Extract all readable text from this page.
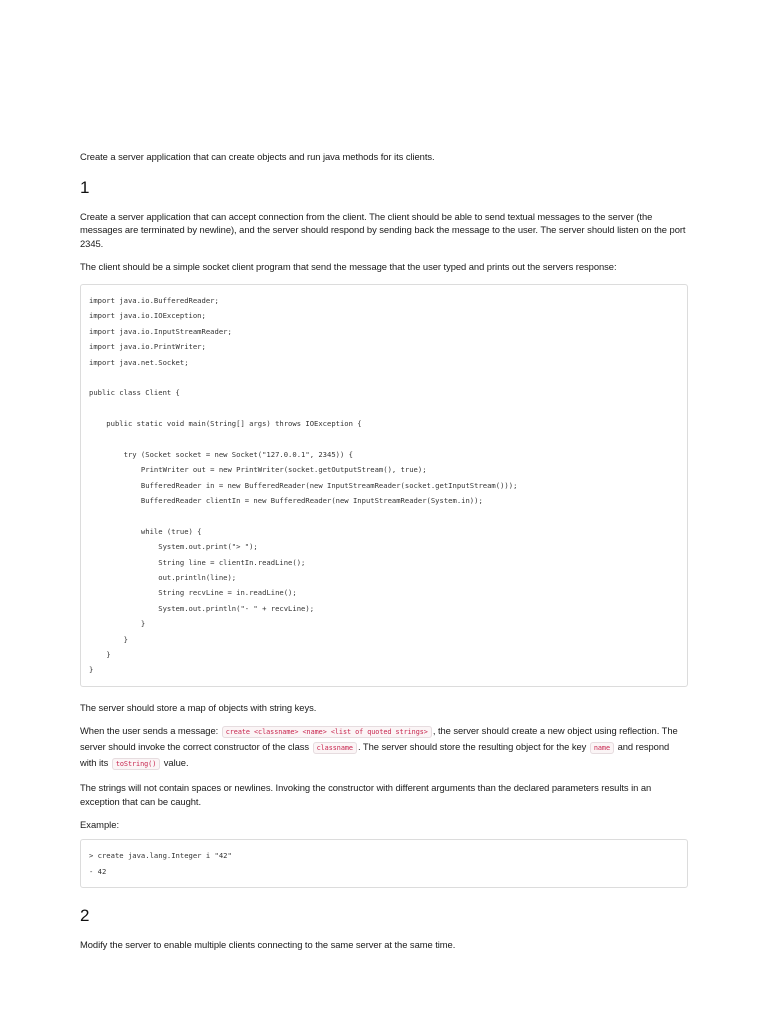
Create a server application that can create objects and run java methods for its clients.

1

Create a server application that can accept connection from the client. The client should be able to send textual messages to the server (the messages are terminated by newline), and the server should respond by sending back the message to the user. The server should listen on the port 2345.

The client should be a simple socket client program that send the message that the user typed and prints out the servers response:

import java.io.BufferedReader;
import java.io.IOException;
import java.io.InputStreamReader;
import java.io.PrintWriter;
import java.net.Socket;
public class Client {
public static void main(String[] args) throws IOException {
try (Socket socket = new Socket("127.0.0.1", 2345)) {
PrintWriter out = new PrintWriter(socket.getOutputStream(), true);
BufferedReader in = new BufferedReader(new InputStreamReader(socket.getInputStream()));
BufferedReader clientIn = new BufferedReader(new InputStreamReader(System.in));
while (true) {
System.out.print("> ");
String line = clientIn.readLine();
out.println(line);
String recvLine = in.readLine();
System.out.println("- " + recvLine);
}
}
}
}

The server should store a map of objects with string keys.

When the user sends a message: create <classname> <name> <list of quoted strings> , the server should create a new object using reflection. The server should invoke the correct constructor of the class classname . The server should store the resulting object for the key name and respond with its toString() value.

The strings will not contain spaces or newlines. Invoking the constructor with different arguments than the declared parameters results in an exception that can be caught.

Example:

> create java.lang.Integer i "42"
- 42
2

Modify the server to enable multiple clients connecting to the same server at the same time.
